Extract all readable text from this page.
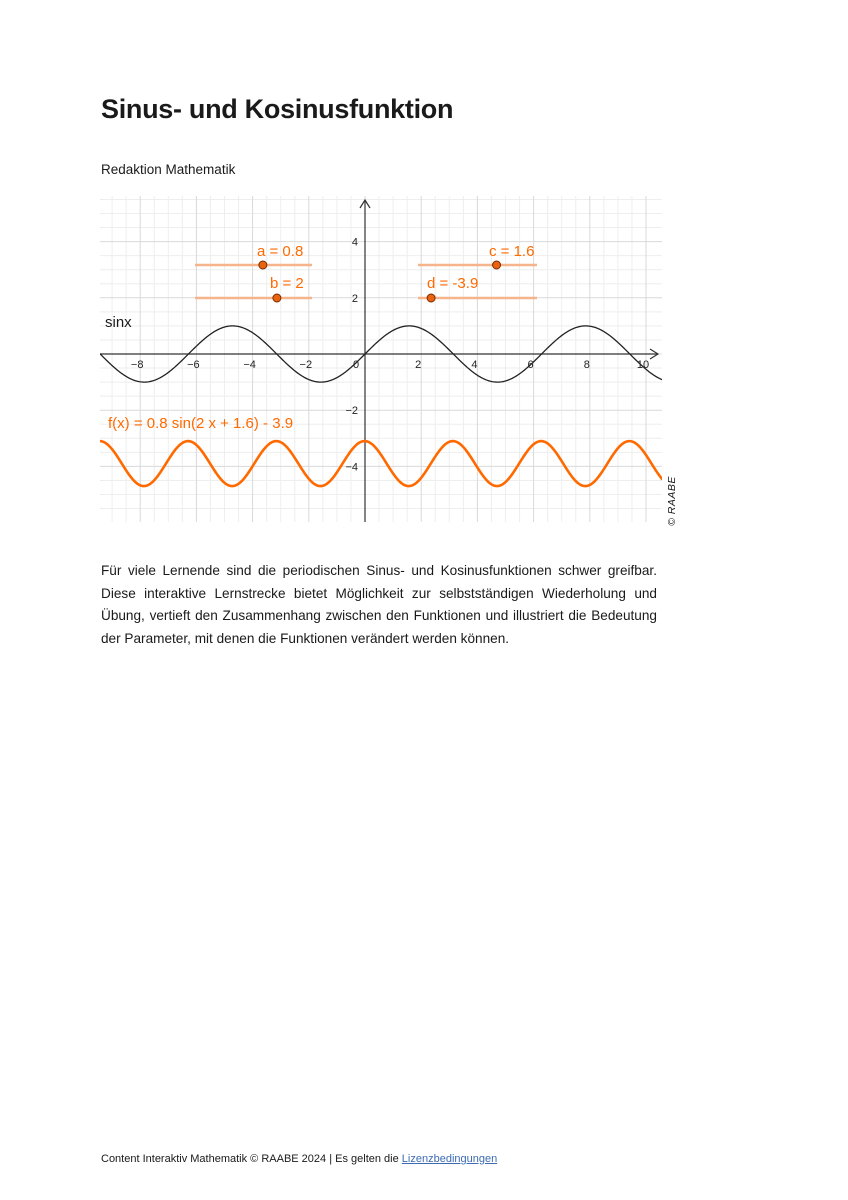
Sinus- und Kosinusfunktion
Redaktion Mathematik
−8	−6	−4	−2	0	2	4	6	8	10
4
2
−2
−4
sinx
f(x) = 0.8 sin(2 x + 1.6) - 3.9
a = 0.8
b = 2
c = 1.6
d = -3.9
© RAABE

Für viele Lernende sind die periodischen Sinus- und Kosinusfunktionen schwer greifbar. Diese interaktive Lernstrecke bietet Möglichkeit zur selbstständigen Wiederholung und Übung, vertieft den Zusammenhang zwischen den Funktionen und illustriert die Bedeutung der Parameter, mit denen die Funktionen verändert werden können.

Content Interaktiv Mathematik © RAABE 2024 | Es gelten die Lizenzbedingungen
